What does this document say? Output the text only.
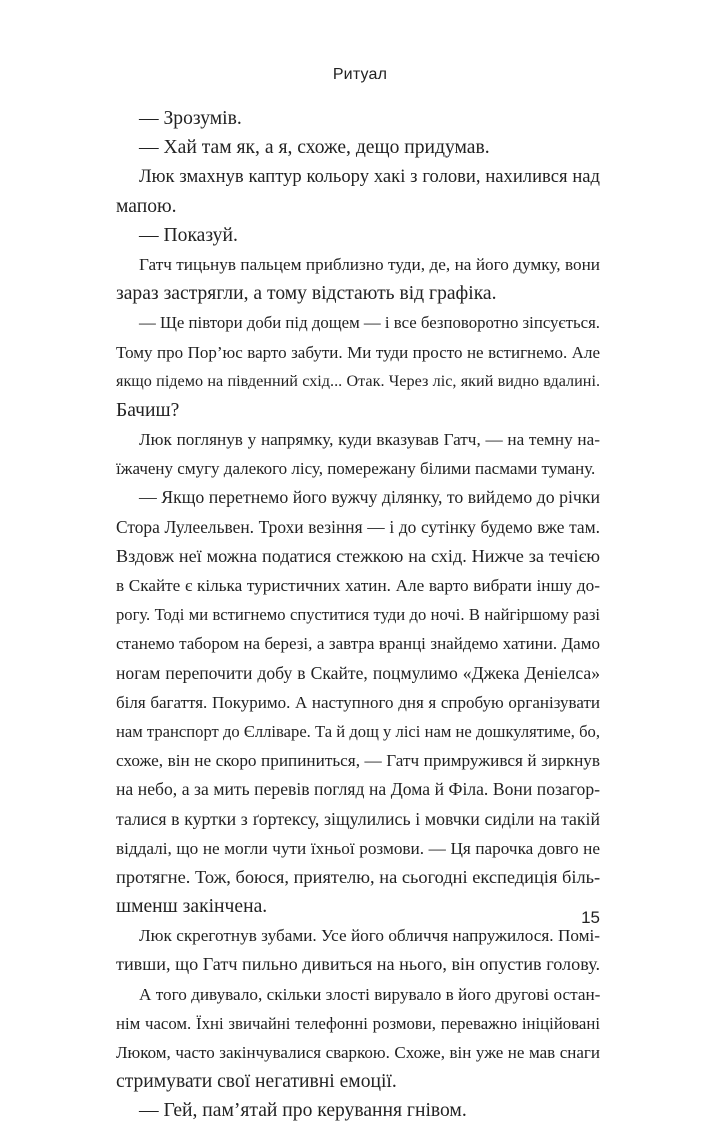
Ритуал
— Зрозумів.
— Хай там як, а я, схоже, дещо придумав.
Люк змахнув каптур кольору хакі з голови, нахилився над
мапою.
— Показуй.
Гатч тицьнув пальцем приблизно туди, де, на його думку, вони
зараз застрягли, а тому відстають від графіка.
— Ще півтори доби під дощем — і все безповоротно зіпсується.
Тому про Пор’юс варто забути. Ми туди просто не встигнемо. Але
якщо підемо на південний схід... Отак. Через ліс, який видно вдалині.
Бачиш?
Люк поглянув у напрямку, куди вказував Гатч, — на темну на-
їжачену смугу далекого лісу, помережану білими пасмами туману.
— Якщо перетнемо його вужчу ділянку, то вийдемо до річки
Стора Лулеельвен. Трохи везіння — і до сутінку будемо вже там.
Вздовж неї можна податися стежкою на схід. Нижче за течією
в Скайте є кілька туристичних хатин. Але варто вибрати іншу до-
рогу. Тоді ми встигнемо спуститися туди до ночі. В найгіршому разі
станемо табором на березі, а завтра вранці знайдемо хатини. Дамо
ногам перепочити добу в Скайте, поцмулимо «Джека Деніелса»
біля багаття. Покуримо. А наступного дня я спробую організувати
нам транспорт до Єлліваре. Та й дощ у лісі нам не дошкулятиме, бо,
схоже, він не скоро припиниться, — Гатч примружився й зиркнув
на небо, а за мить перевів погляд на Дома й Філа. Вони позагор-
талися в куртки з ґортексу, зіщулились і мовчки сиділи на такій
віддалі, що не могли чути їхньої розмови. — Ця парочка довго не
протягне. Тож, боюся, приятелю, на сьогодні експедиція біль-
шменш закінчена.
Люк скреготнув зубами. Усе його обличчя напружилося. Помі-
тивши, що Гатч пильно дивиться на нього, він опустив голову.
А того дивувало, скільки злості вирувало в його другові остан-
нім часом. Їхні звичайні телефонні розмови, переважно ініційовані
Люком, часто закінчувалися сваркою. Схоже, він уже не мав снаги
стримувати свої негативні емоції.
— Гей, пам’ятай про керування гнівом.
15
